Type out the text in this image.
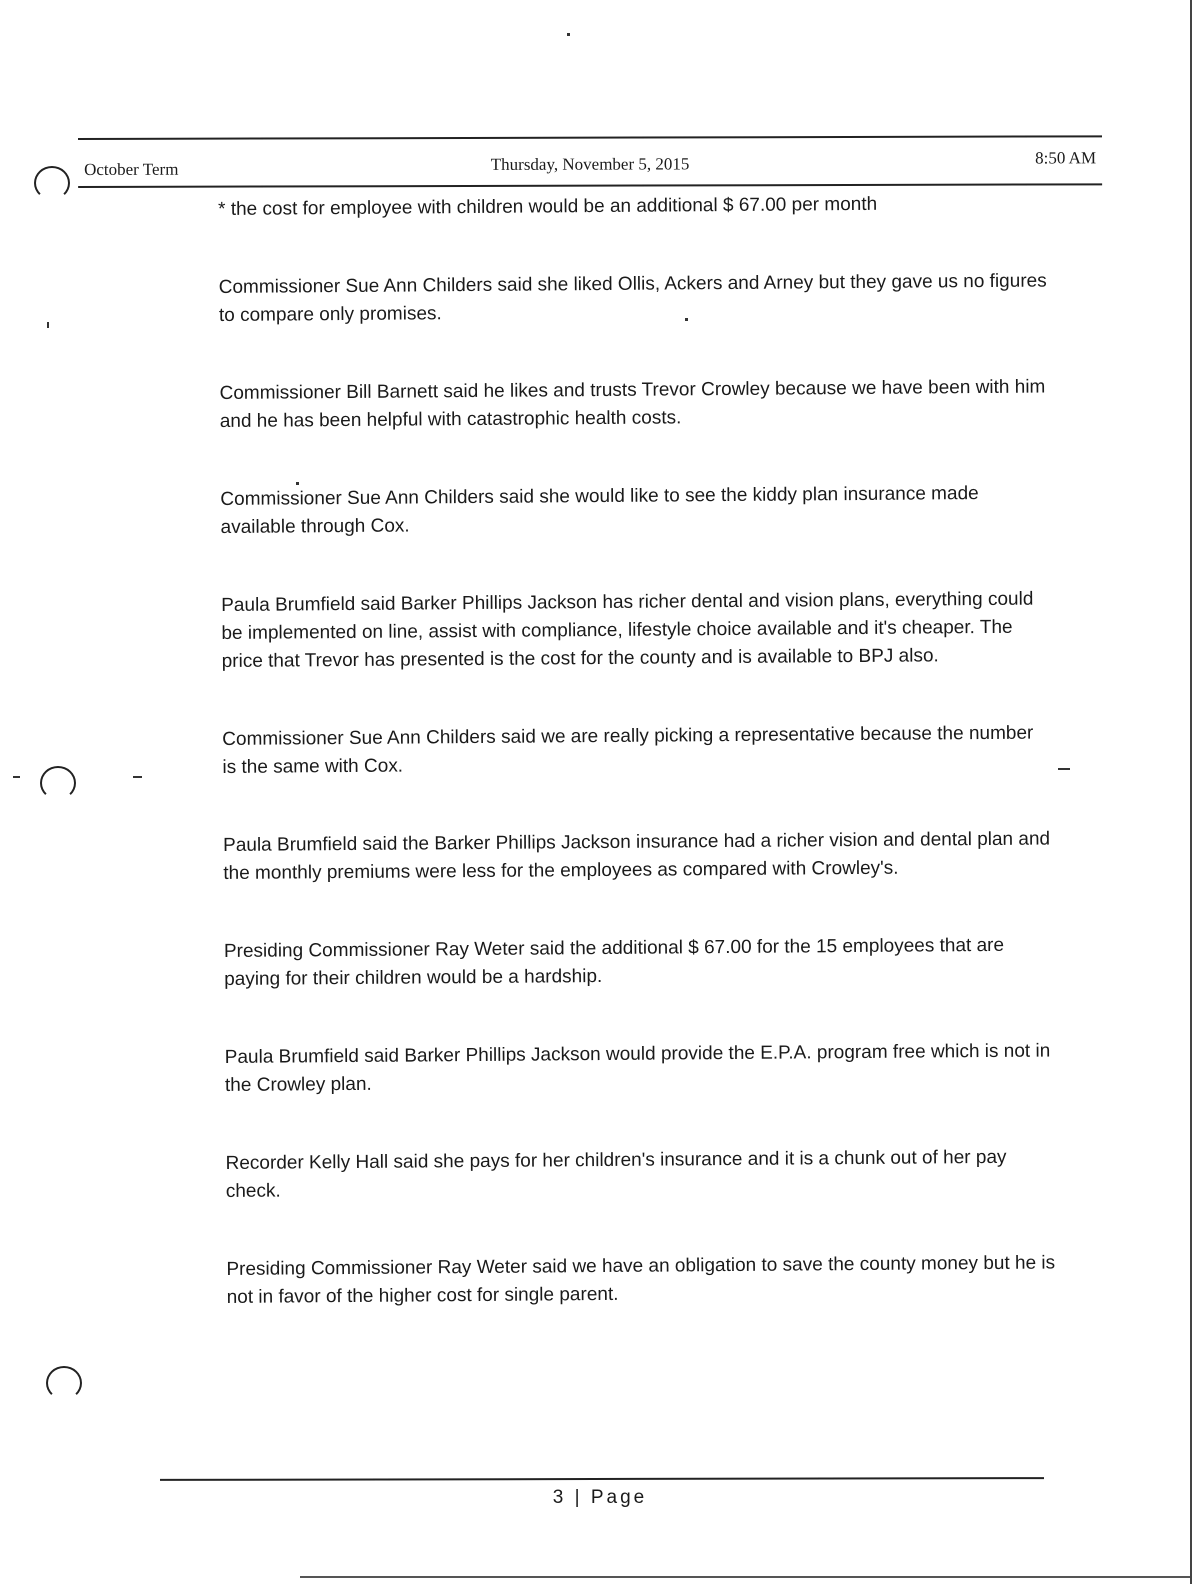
October Term	Thursday, November 5, 2015	8:50 AM

* the cost for employee with children would be an additional $ 67.00 per month

Commissioner Sue Ann Childers said she liked Ollis, Ackers and Arney but they gave us no figures to compare only promises.

Commissioner Bill Barnett said he likes and trusts Trevor Crowley because we have been with him and he has been helpful with catastrophic health costs.

Commissioner Sue Ann Childers said she would like to see the kiddy plan insurance made available through Cox.

Paula Brumfield said Barker Phillips Jackson has richer dental and vision plans, everything could be implemented on line, assist with compliance, lifestyle choice available and it's cheaper. The price that Trevor has presented is the cost for the county and is available to BPJ also.

Commissioner Sue Ann Childers said we are really picking a representative because the number is the same with Cox.

Paula Brumfield said the Barker Phillips Jackson insurance had a richer vision and dental plan and the monthly premiums were less for the employees as compared with Crowley's.

Presiding Commissioner Ray Weter said the additional $ 67.00 for the 15 employees that are paying for their children would be a hardship.

Paula Brumfield said Barker Phillips Jackson would provide the E.P.A. program free which is not in the Crowley plan.

Recorder Kelly Hall said she pays for her children's insurance and it is a chunk out of her pay check.

Presiding Commissioner Ray Weter said we have an obligation to save the county money but he is not in favor of the higher cost for single parent.

3 | Page
